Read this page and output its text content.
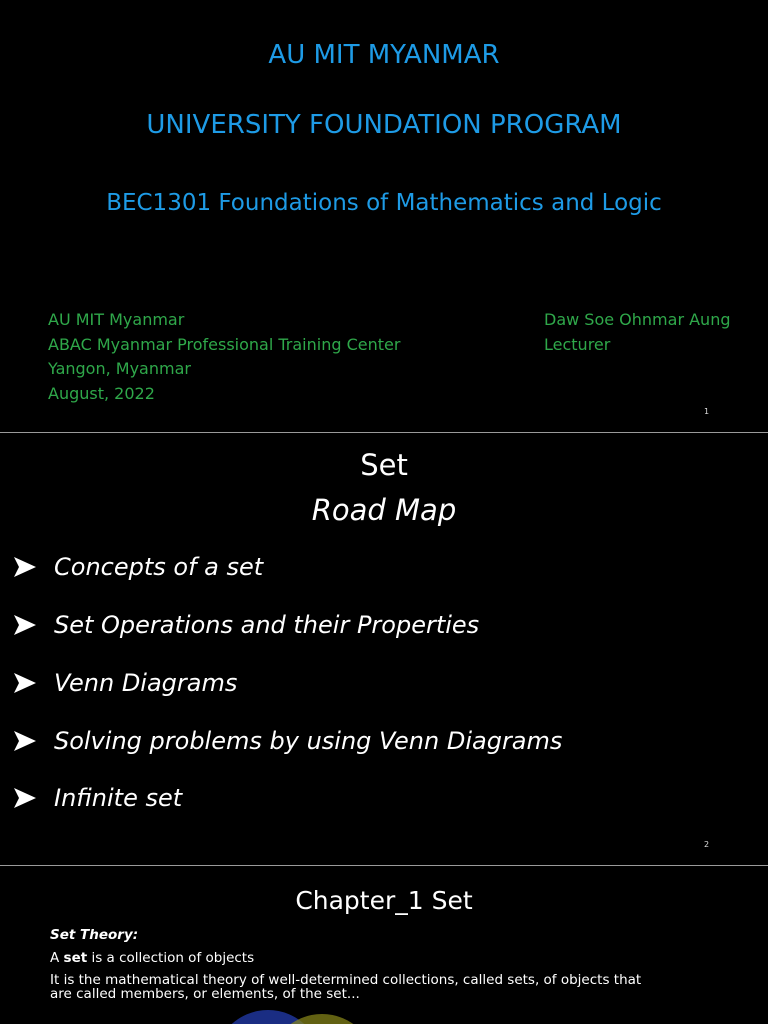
AU MIT MYANMAR
UNIVERSITY FOUNDATION PROGRAM
BEC1301 Foundations of Mathematics and Logic
AU MIT Myanmar
ABAC Myanmar Professional Training Center
Yangon, Myanmar
August, 2022
Daw Soe Ohnmar Aung
Lecturer
1
Set
Road Map
Concepts of a set
Set Operations and their Properties
Venn Diagrams
Solving problems by using Venn Diagrams
Infinite set
2
Chapter_1 Set
Set Theory:
A set is a collection of objects
It is the mathematical theory of well-determined collections, called sets, of objects that
are called members, or elements, of the set...
